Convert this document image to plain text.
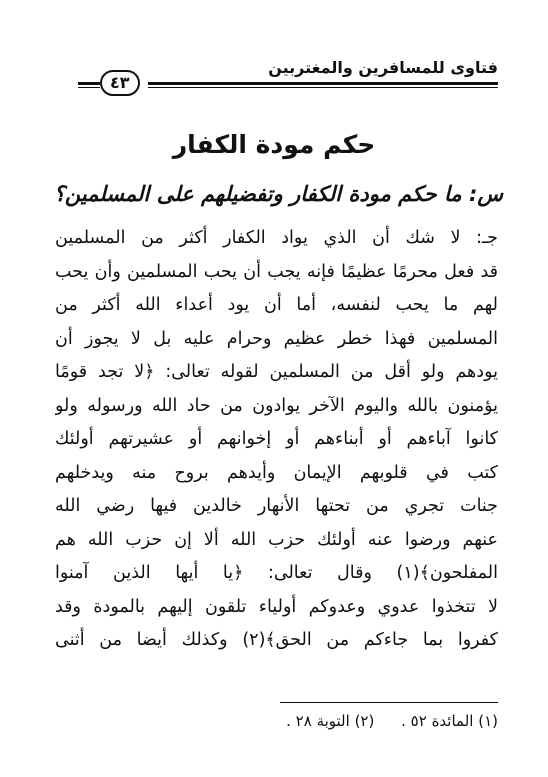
فتاوى للمسافرين والمغتربين
٤٣
حكم مودة الكفار
س: ما حكم مودة الكفار وتفضيلهم على المسلمين؟
جـ: لا شك أن الذي يواد الكفار أكثر من المسلمين
قد فعل محرمًا عظيمًا فإنه يجب أن يحب المسلمين وأن يحب
لهم ما يحب لنفسه، أما أن يود أعداء الله أكثر من
المسلمين فهذا خطر عظيم وحرام عليه بل لا يجوز أن
يودهم ولو أقل من المسلمين لقوله تعالى: ﴿لا تجد قومًا
يؤمنون بالله واليوم الآخر يوادون من حاد الله ورسوله ولو
كانوا آباءهم أو أبناءهم أو إخوانهم أو عشيرتهم أولئك
كتب في قلوبهم الإيمان وأيدهم بروح منه ويدخلهم
جنات تجري من تحتها الأنهار خالدين فيها رضي الله
عنهم ورضوا عنه أولئك حزب الله ألا إن حزب الله هم
المفلحون﴾(١) وقال تعالى: ﴿يا أيها الذين آمنوا
لا تتخذوا عدوي وعدوكم أولياء تلقون إليهم بالمودة وقد
كفروا بما جاءكم من الحق﴾(٢) وكذلك أيضا من أثنى
(١) المائدة ٥٢ . (٢) التوبة ٢٨ .
